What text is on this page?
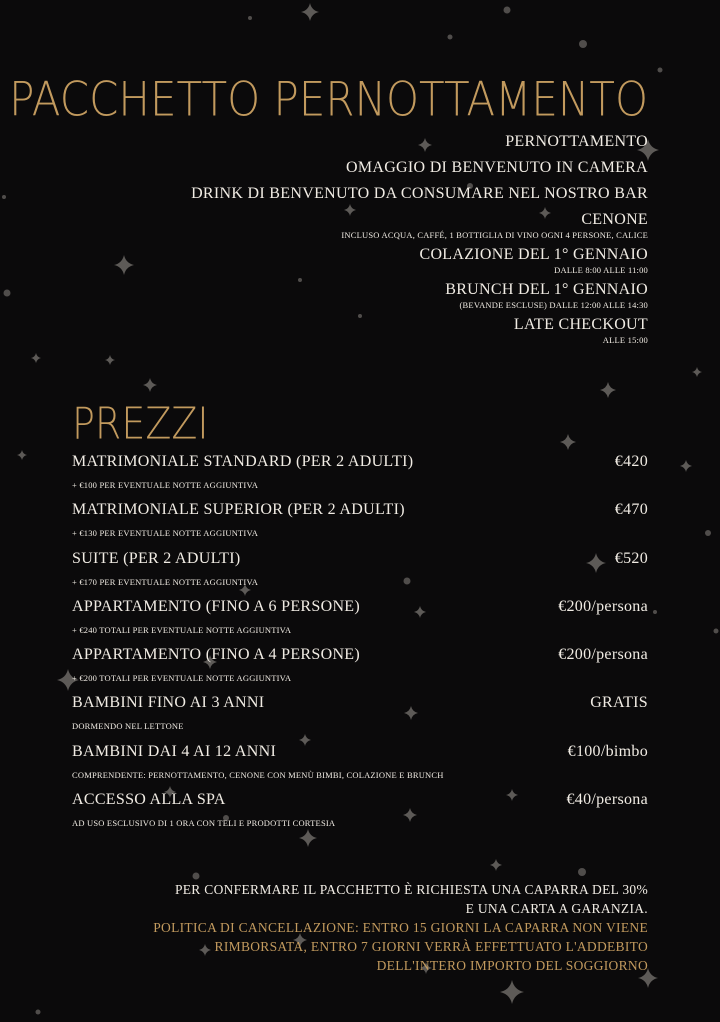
PACCHETTO PERNOTTAMENTO
PERNOTTAMENTO
OMAGGIO DI BENVENUTO IN CAMERA
DRINK DI BENVENUTO DA CONSUMARE NEL NOSTRO BAR
CENONE
INCLUSO ACQUA, CAFFÉ, 1 BOTTIGLIA DI VINO OGNI 4 PERSONE, CALICE
COLAZIONE DEL 1° GENNAIO
DALLE 8:00 ALLE 11:00
BRUNCH DEL 1° GENNAIO
(BEVANDE ESCLUSE) DALLE 12:00 ALLE 14:30
LATE CHECKOUT
ALLE 15:00
PREZZI
MATRIMONIALE STANDARD (PER 2 ADULTI)	€420
+ €100 PER EVENTUALE NOTTE AGGIUNTIVA
MATRIMONIALE SUPERIOR (PER 2 ADULTI)	€470
+ €130 PER EVENTUALE NOTTE AGGIUNTIVA
SUITE (PER 2 ADULTI)	€520
+ €170 PER EVENTUALE NOTTE AGGIUNTIVA
APPARTAMENTO (FINO A 6 PERSONE)	€200/persona
+ €240 TOTALI PER EVENTUALE NOTTE AGGIUNTIVA
APPARTAMENTO (FINO A 4 PERSONE)	€200/persona
+ €200 TOTALI PER EVENTUALE NOTTE AGGIUNTIVA
BAMBINI FINO AI 3 ANNI	GRATIS
DORMENDO NEL LETTONE
BAMBINI DAI 4 AI 12 ANNI	€100/bimbo
COMPRENDENTE: PERNOTTAMENTO, CENONE CON MENÙ BIMBI, COLAZIONE E BRUNCH
ACCESSO ALLA SPA	€40/persona
AD USO ESCLUSIVO DI 1 ORA CON TELI E PRODOTTI CORTESIA
PER CONFERMARE IL PACCHETTO È RICHIESTA UNA CAPARRA DEL 30%
E UNA CARTA A GARANZIA.
POLITICA DI CANCELLAZIONE: ENTRO 15 GIORNI LA CAPARRA NON VIENE
RIMBORSATA, ENTRO 7 GIORNI VERRÀ EFFETTUATO L'ADDEBITO
DELL'INTERO IMPORTO DEL SOGGIORNO
